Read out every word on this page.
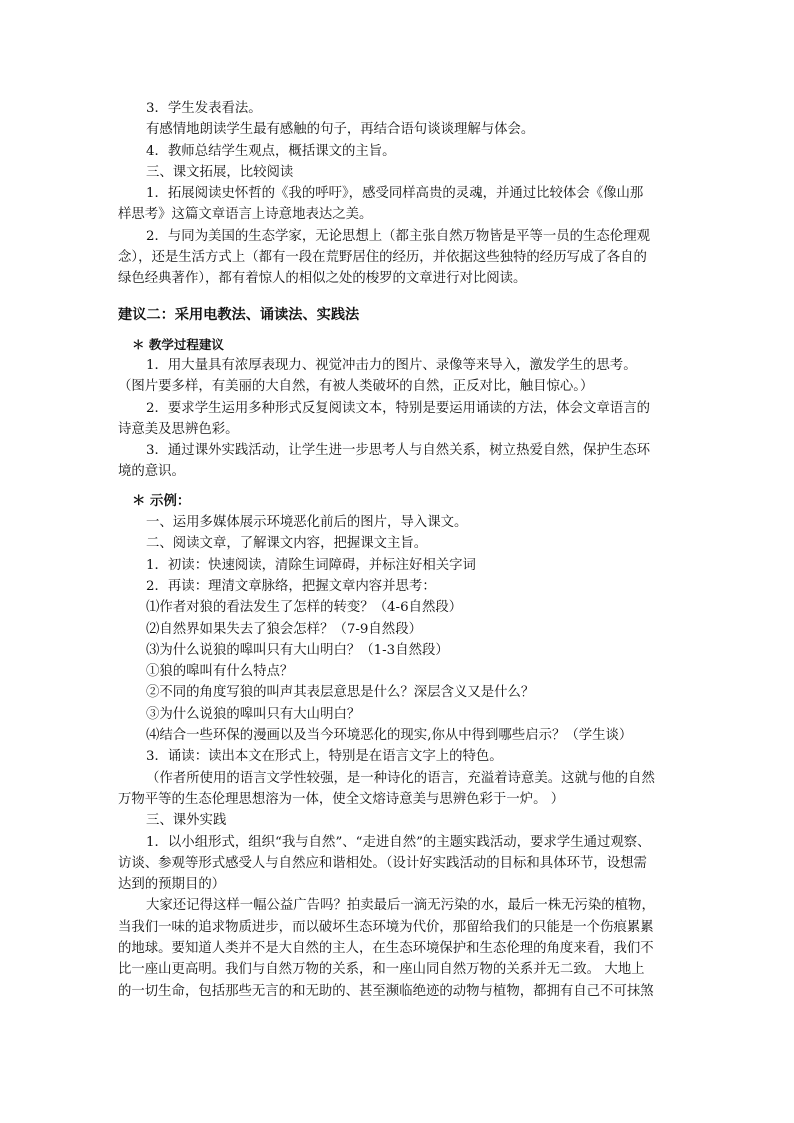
3．学生发表看法。

有感情地朗读学生最有感触的句子，再结合语句谈谈理解与体会。

4．教师总结学生观点，概括课文的主旨。

三、课文拓展，比较阅读

1．拓展阅读史怀哲的《我的呼吁》，感受同样高贵的灵魂，并通过比较体会《像山那样思考》这篇文章语言上诗意地表达之美。

2．与同为美国的生态学家，无论思想上（都主张自然万物皆是平等一员的生态伦理观念），还是生活方式上（都有一段在荒野居住的经历，并依据这些独特的经历写成了各自的绿色经典著作），都有着惊人的相似之处的梭罗的文章进行对比阅读。

建议二：采用电教法、诵读法、实践法

＊ 教学过程建议

1．用大量具有浓厚表现力、视觉冲击力的图片、录像等来导入，激发学生的思考。（图片要多样，有美丽的大自然，有被人类破坏的自然，正反对比，触目惊心。）

2．要求学生运用多种形式反复阅读文本，特别是要运用诵读的方法，体会文章语言的诗意美及思辨色彩。

3．通过课外实践活动，让学生进一步思考人与自然关系，树立热爱自然，保护生态环境的意识。

＊ 示例：

一、运用多媒体展示环境恶化前后的图片，导入课文。

二、阅读文章，了解课文内容，把握课文主旨。

1．初读：快速阅读，清除生词障碍，并标注好相关字词

2．再读：理清文章脉络，把握文章内容并思考：

⑴作者对狼的看法发生了怎样的转变？（4-6自然段）

⑵自然界如果失去了狼会怎样？（7-9自然段）

⑶为什么说狼的嗥叫只有大山明白？（1-3自然段）

①狼的嗥叫有什么特点？

②不同的角度写狼的叫声其表层意思是什么？深层含义又是什么？

③为什么说狼的嗥叫只有大山明白？

⑷结合一些环保的漫画以及当今环境恶化的现实,你从中得到哪些启示？（学生谈）

3．诵读：读出本文在形式上，特别是在语言文字上的特色。

（作者所使用的语言文学性较强，是一种诗化的语言，充溢着诗意美。这就与他的自然万物平等的生态伦理思想溶为一体，使全文熔诗意美与思辨色彩于一炉。 ）

三、课外实践

1．以小组形式，组织“我与自然”、“走进自然”的主题实践活动，要求学生通过观察、访谈、参观等形式感受人与自然应和谐相处。（设计好实践活动的目标和具体环节，设想需达到的预期目的）

大家还记得这样一幅公益广告吗？拍卖最后一滴无污染的水，最后一株无污染的植物，当我们一味的追求物质进步，而以破坏生态环境为代价，那留给我们的只能是一个伤痕累累的地球。要知道人类并不是大自然的主人，在生态环境保护和生态伦理的角度来看，我们不比一座山更高明。我们与自然万物的关系，和一座山同自然万物的关系并无二致。 大地上的一切生命，包括那些无言的和无助的、甚至濒临绝迹的动物与植物，都拥有自己不可抹煞
